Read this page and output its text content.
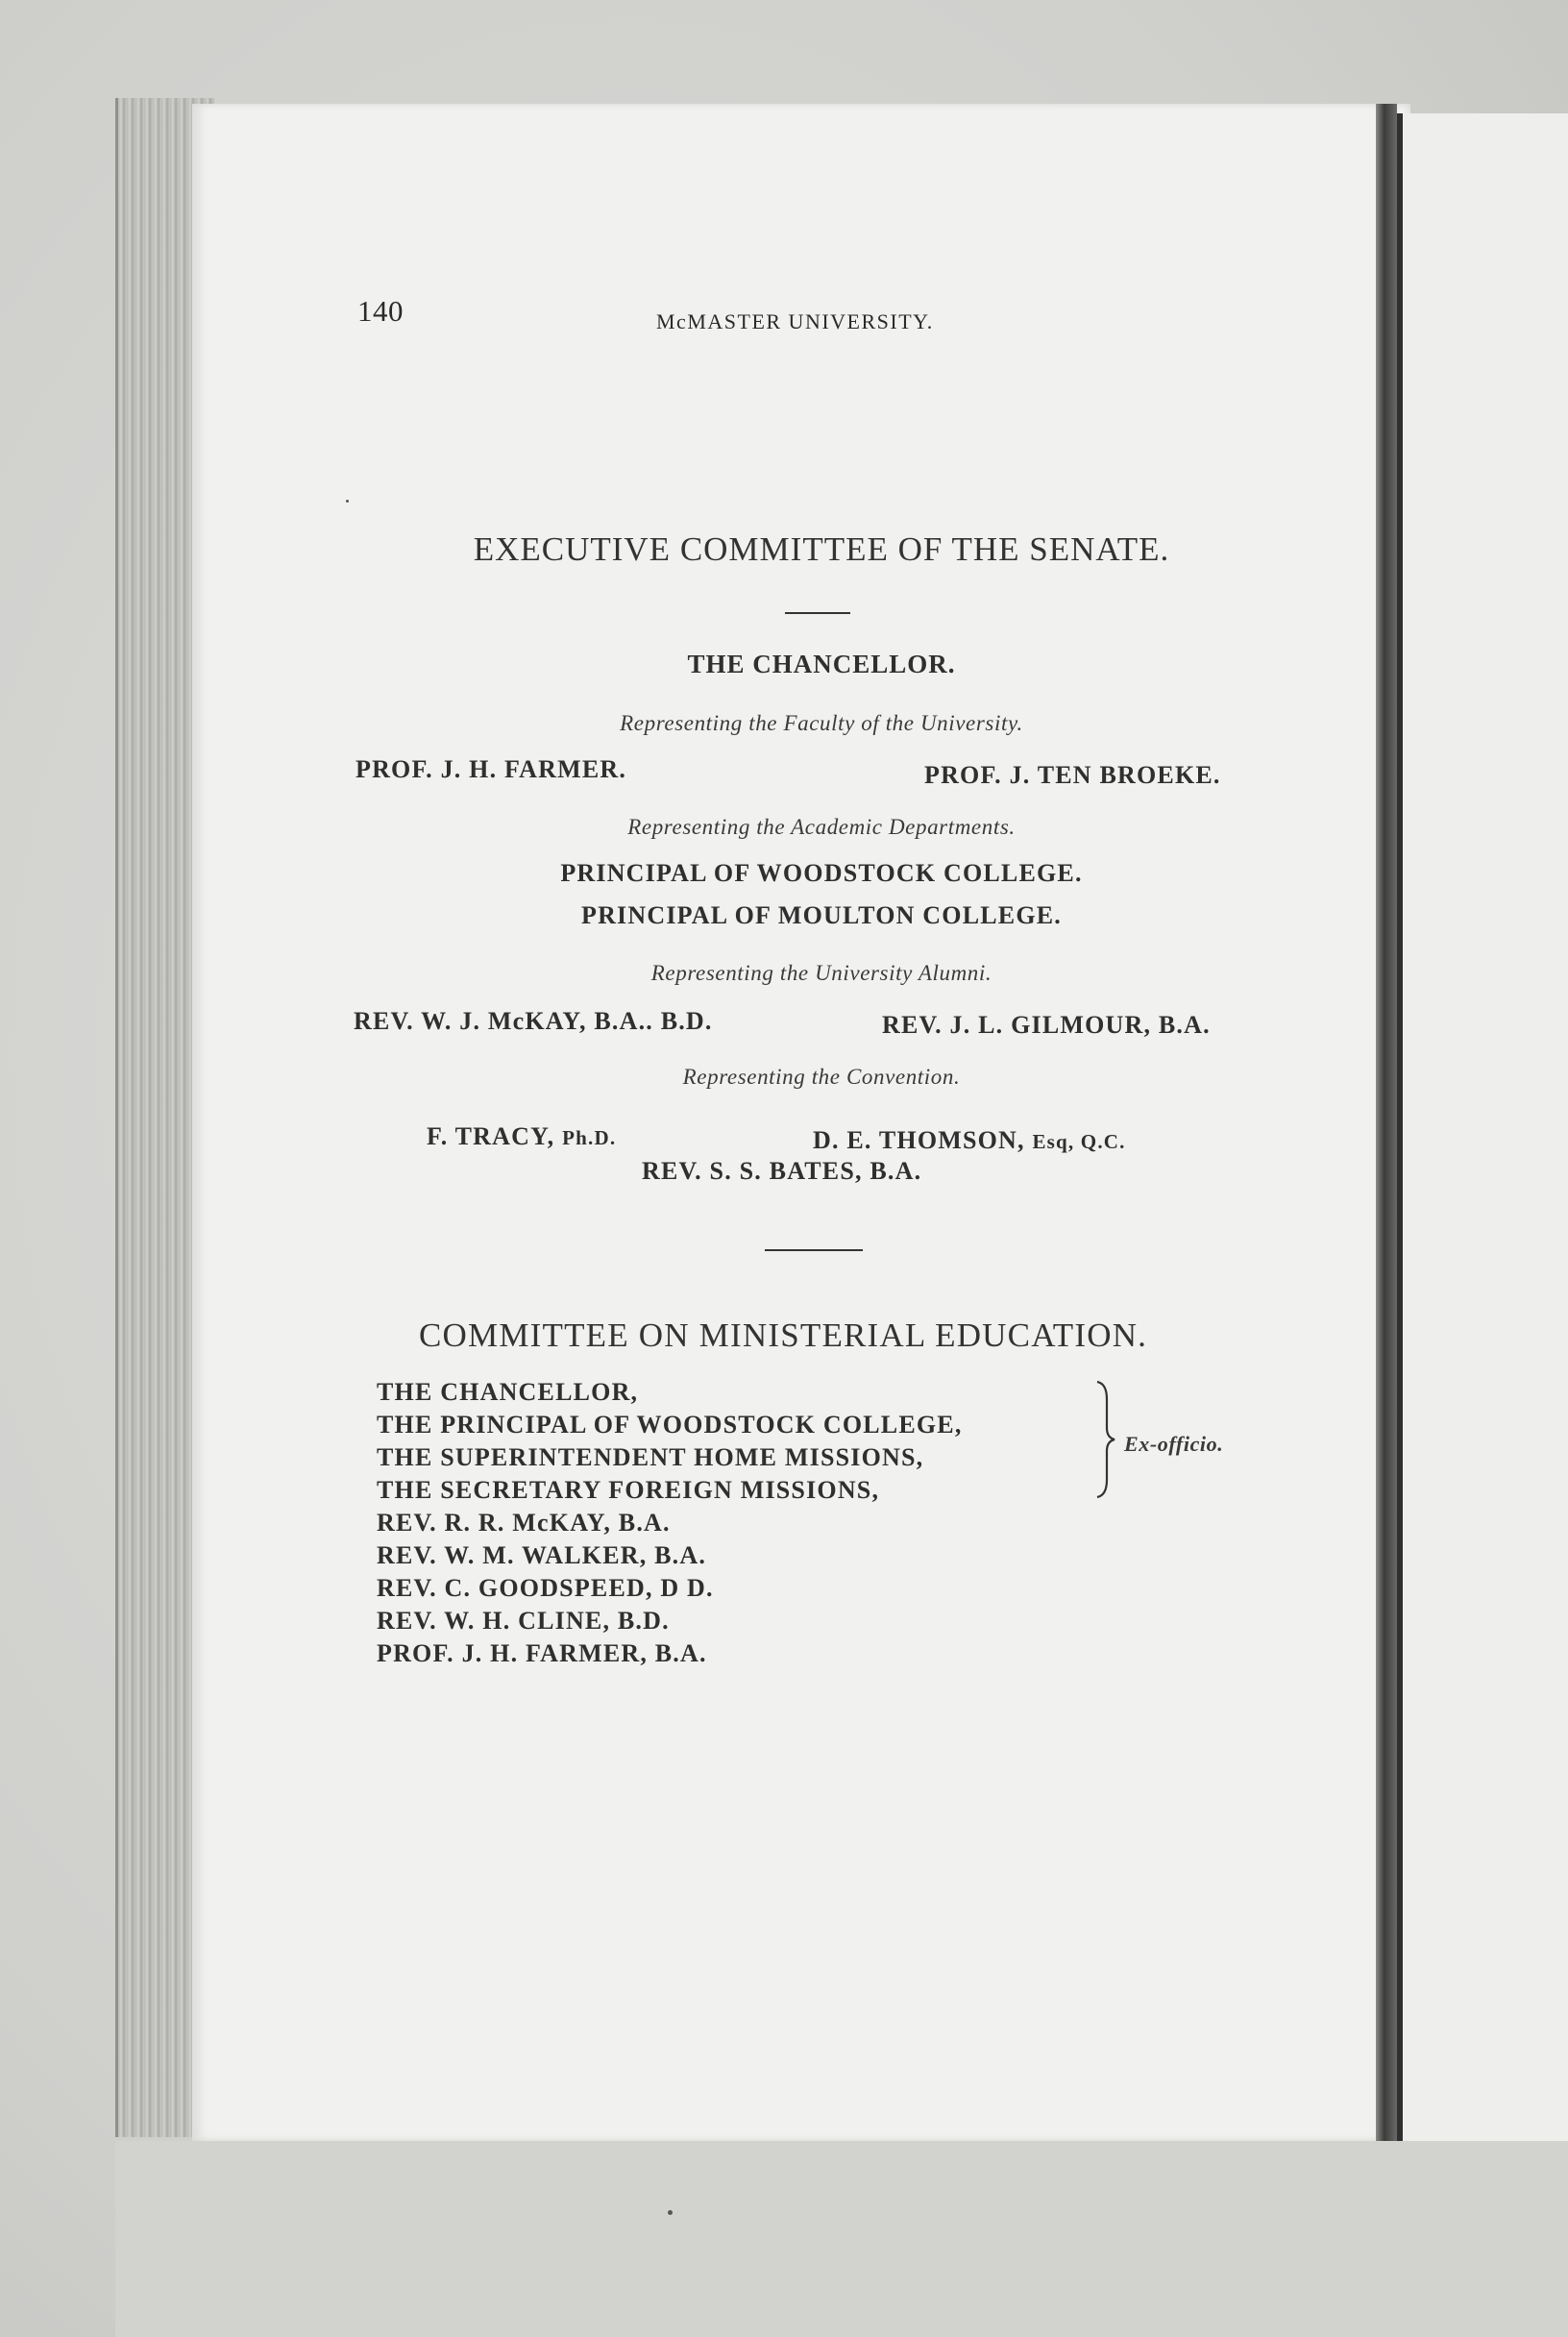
140	McMASTER UNIVERSITY.
EXECUTIVE COMMITTEE OF THE SENATE.
THE CHANCELLOR.
Representing the Faculty of the University.
PROF. J. H. FARMER.	PROF. J. TEN BROEKE.
Representing the Academic Departments.
PRINCIPAL OF WOODSTOCK COLLEGE.
PRINCIPAL OF MOULTON COLLEGE.
Representing the University Alumni.
REV. W. J. McKAY, B.A.. B.D.	REV. J. L. GILMOUR, B.A.
Representing the Convention.
F. TRACY, Ph.D.	D. E. THOMSON, Esq, Q.C.
REV. S. S. BATES, B.A.
COMMITTEE ON MINISTERIAL EDUCATION.
THE CHANCELLOR,
THE PRINCIPAL OF WOODSTOCK COLLEGE,
THE SUPERINTENDENT HOME MISSIONS,
THE SECRETARY FOREIGN MISSIONS,
REV. R. R. McKAY, B.A.
REV. W. M. WALKER, B.A.
REV. C. GOODSPEED, D D.
REV. W. H. CLINE, B.D.
PROF. J. H. FARMER, B.A.
Ex-officio.
